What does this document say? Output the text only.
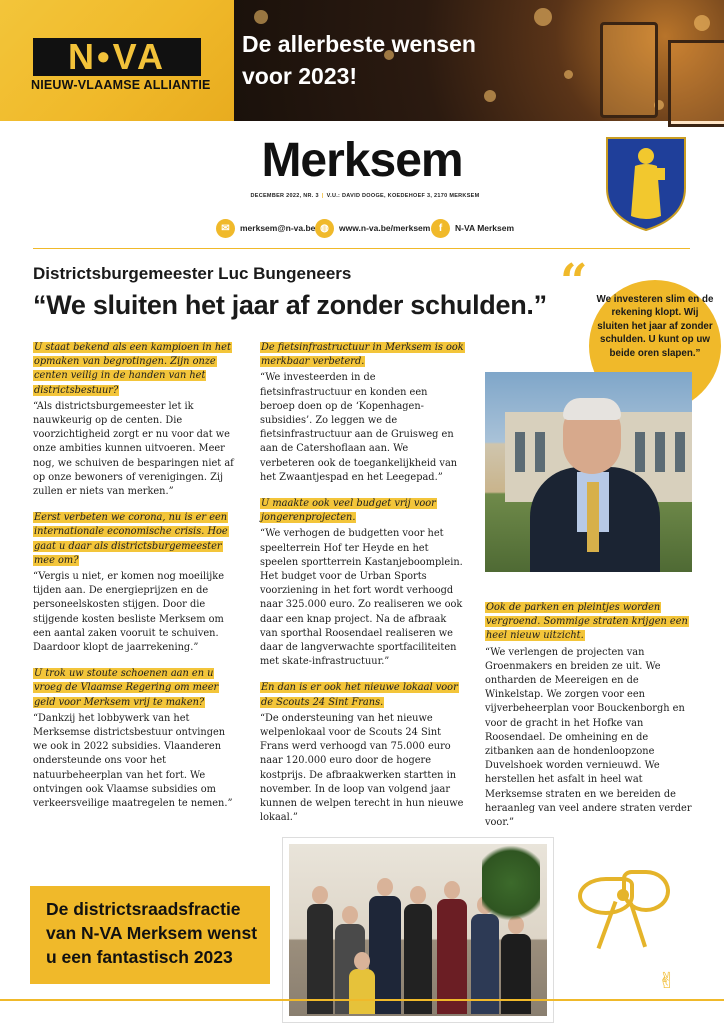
N•VA
NIEUW-VLAAMSE ALLIANTIE
De allerbeste wensen
voor 2023!
Merksem
DECEMBER 2022, NR. 3 | V.U.: DAVID DOOGE, KOEDEHOEF 3, 2170 MERKSEM
✉	merksem@n-va.be ◍	www.n-va.be/merksem f	N-VA Merksem
Districtsburgemeester Luc Bungeneers
“We sluiten het jaar af zonder schulden.” “ We investeren slim en de rekening klopt. Wij sluiten het jaar af zonder schulden. U kunt op uw beide oren slapen.”

U staat bekend als een kampioen in het opmaken van begrotingen. Zijn onze centen veilig in de handen van het districtsbestuur?

“Als districtsburgemeester let ik nauwkeurig op de centen. Die voorzichtigheid zorgt er nu voor dat we onze ambities kunnen uitvoeren. Meer nog, we schuiven de besparingen niet af op onze bewoners of verenigingen. Zij zullen er niets van merken.”

Eerst verbeten we corona, nu is er een internationale economische crisis. Hoe gaat u daar als districtsburgemeester mee om?

“Vergis u niet, er komen nog moeilijke tijden aan. De energieprijzen en de personeelskosten stijgen. Door die stijgende kosten besliste Merksem om een aantal zaken vooruit te schuiven. Daardoor klopt de jaarrekening.”

U trok uw stoute schoenen aan en u vroeg de Vlaamse Regering om meer geld voor Merksem vrij te maken?

“Dankzij het lobbywerk van het Merksemse districtsbestuur ontvingen we ook in 2022 subsidies. Vlaanderen ondersteunde ons voor het natuurbeheerplan van het fort. We ontvingen ook Vlaamse subsidies om verkeersveilige maatregelen te nemen.”

De fietsinfrastructuur in Merksem is ook merkbaar verbeterd.

“We investeerden in de fietsinfrastructuur en konden een beroep doen op de ‘Kopenhagen-subsidies’. Zo leggen we de fietsinfrastructuur aan de Gruisweg en aan de Catershoflaan aan. We verbeteren ook de toegankelijkheid van het Zwaantjespad en het Leegepad.”

U maakte ook veel budget vrij voor jongerenprojecten.

“We verhogen de budgetten voor het speelterrein Hof ter Heyde en het speelen sportterrein Kastanjeboomplein. Het budget voor de Urban Sports voorziening in het fort wordt verhoogd naar 325.000 euro. Zo realiseren we ook daar een knap project. Na de afbraak van sporthal Roosendael realiseren we daar de langverwachte sportfaciliteiten met skate-infrastructuur.”

En dan is er ook het nieuwe lokaal voor de Scouts 24 Sint Frans.

“De ondersteuning van het nieuwe welpenlokaal voor de Scouts 24 Sint Frans werd verhoogd van 75.000 euro naar 120.000 euro door de hogere kostprijs. De afbraakwerken startten in november. In de loop van volgend jaar kunnen de welpen terecht in hun nieuwe lokaal.”

Ook de parken en pleintjes worden vergroend. Sommige straten krijgen een heel nieuw uitzicht.

“We verlengen de projecten van Groenmakers en breiden ze uit. We ontharden de Meereigen en de Winkelstap. We zorgen voor een vijverbeheerplan voor Bouckenborgh en voor de gracht in het Hofke van Roosendael. De omheining en de zitbanken aan de hondenloopzone Duvelshoek worden vernieuwd. We herstellen het asfalt in heel wat Merksemse straten en we bereiden de heraanleg van veel andere straten verder voor.”

De districtsraadsfractie van N-VA Merksem wenst u een fantastisch 2023
✌
